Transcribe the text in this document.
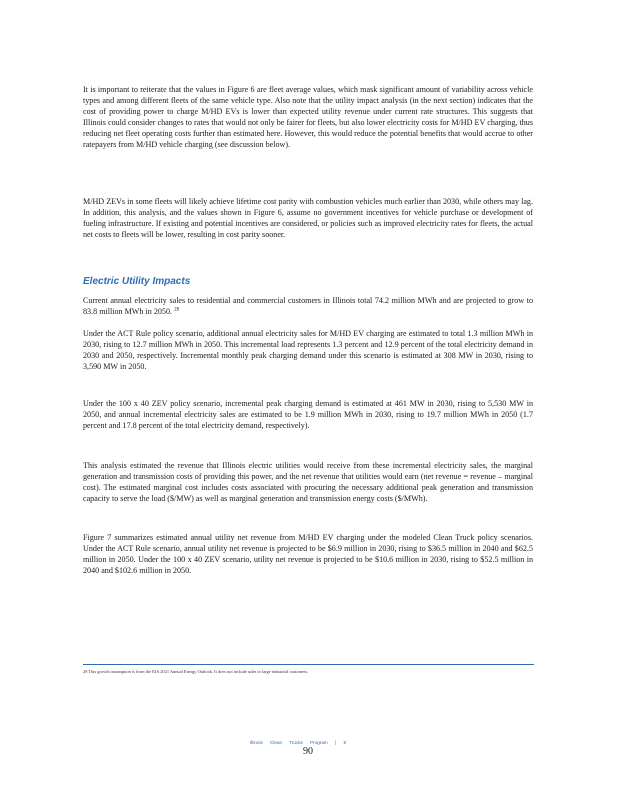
It is important to reiterate that the values in Figure 6 are fleet average values, which mask significant amount of variability across vehicle types and among different fleets of the same vehicle type. Also note that the utility impact analysis (in the next section) indicates that the cost of providing power to charge M/HD EVs is lower than expected utility revenue under current rate structures. This suggests that Illinois could consider changes to rates that would not only be fairer for fleets, but also lower electricity costs for M/HD EV charging, thus reducing net fleet operating costs further than estimated here. However, this would reduce the potential benefits that would accrue to other ratepayers from M/HD vehicle charging (see discussion below).

M/HD ZEVs in some fleets will likely achieve lifetime cost parity with combustion vehicles much earlier than 2030, while others may lag. In addition, this analysis, and the values shown in Figure 6, assume no government incentives for vehicle purchase or development of fueling infrastructure. If existing and potential incentives are considered, or policies such as improved electricity rates for fleets, the actual net costs to fleets will be lower, resulting in cost parity sooner.

Electric Utility Impacts

Current annual electricity sales to residential and commercial customers in Illinois total 74.2 million MWh and are projected to grow to 83.8 million MWh in 2050. $^{28}$

Under the ACT Rule policy scenario, additional annual electricity sales for M/HD EV charging are estimated to total 1.3 million MWh in 2030, rising to 12.7 million MWh in 2050. This incremental load represents 1.3 percent and 12.9 percent of the total electricity demand in 2030 and 2050, respectively. Incremental monthly peak charging demand under this scenario is estimated at 308 MW in 2030, rising to 3,590 MW in 2050.

Under the 100 x 40 ZEV policy scenario, incremental peak charging demand is estimated at 461 MW in 2030, rising to 5,530 MW in 2050, and annual incremental electricity sales are estimated to be 1.9 million MWh in 2030, rising to 19.7 million MWh in 2050 (1.7 percent and 17.8 percent of the total electricity demand, respectively).

This analysis estimated the revenue that Illinois electric utilities would receive from these incremental electricity sales, the marginal generation and transmission costs of providing this power, and the net revenue that utilities would earn (net revenue = revenue – marginal cost). The estimated marginal cost includes costs associated with procuring the necessary additional peak generation and transmission capacity to serve the load ($/MW) as well as marginal generation and transmission energy costs ($/MWh).

Figure 7 summarizes estimated annual utility net revenue from M/HD EV charging under the modeled Clean Truck policy scenarios. Under the ACT Rule scenario, annual utility net revenue is projected to be $6.9 million in 2030, rising to $36.5 million in 2040 and $62.5 million in 2050. Under the 100 x 40 ZEV scenario, utility net revenue is projected to be $10.6 million in 2030, rising to $52.5 million in 2040 and $102.6 million in 2050.

28 This growth assumption is from the EIA 2021 Annual Energy Outlook. It does not include sales to large industrial customers.

Illinois Clean Trucks Program | 9

90
